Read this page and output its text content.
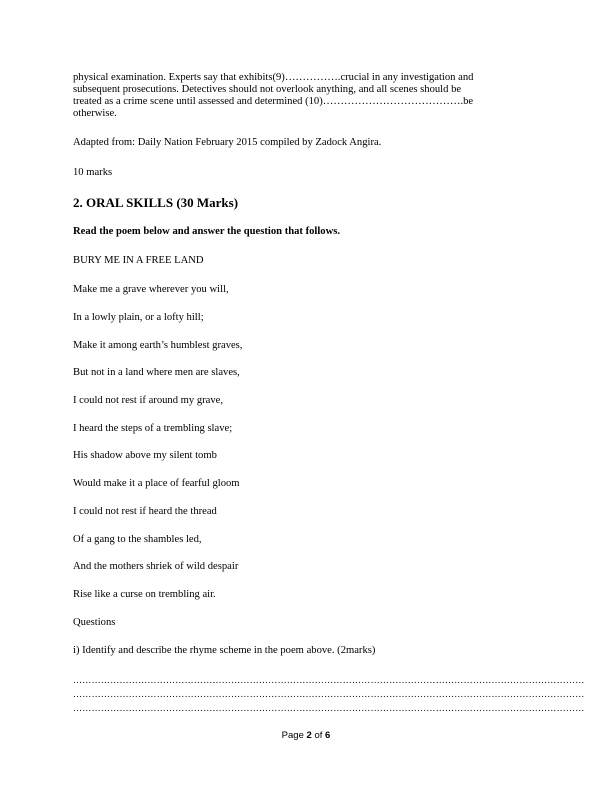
physical examination. Experts say that exhibits(9)…………….crucial in any investigation and
subsequent prosecutions. Detectives should not overlook anything, and all scenes should be
treated as a crime scene until assessed and determined (10)………………………………….be
otherwise.
Adapted from: Daily Nation February 2015 compiled by Zadock Angira.
10 marks
2. ORAL SKILLS (30 Marks)
Read the poem below and answer the question that follows.
BURY ME IN A FREE LAND
Make me a grave wherever you will,
In a lowly plain, or a lofty hill;
Make it among earth’s humblest graves,
But not in a land where men are slaves,
I could not rest if around my grave,
I heard the steps of a trembling slave;
His shadow above my silent tomb
Would make it a place of fearful gloom
I could not rest if heard the thread
Of a gang to the shambles led,
And the mothers shriek of wild despair
Rise like a curse on trembling air.
Questions
i) Identify and describe the rhyme scheme in the poem above. (2marks)
…………………………………………………………………………………………………………………………………………………
…………………………………………………………………………………………………………………………………………………
…………………………………………………………………………………………………………………………………………………
Page 2 of 6
